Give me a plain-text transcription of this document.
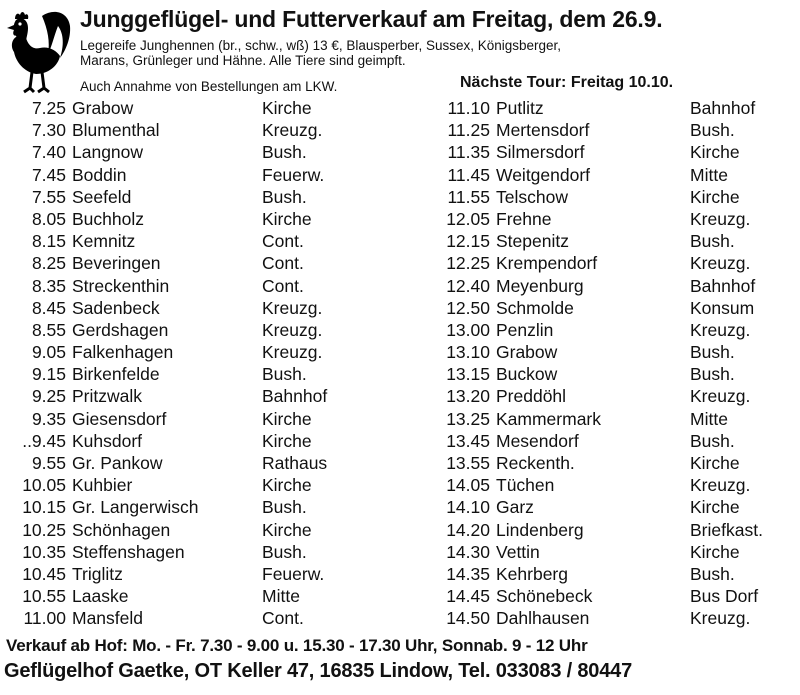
Junggeflügel- und Futterverkauf am Freitag, dem 26.9.
Legereife Junghennen (br., schw., wß) 13 €, Blausperber, Sussex, Königsberger,
Marans, Grünleger und Hähne. Alle Tiere sind geimpft.
Auch Annahme von Bestellungen am LKW.	Nächste Tour: Freitag 10.10.
7.25 Grabow	Kirche
7.30 Blumenthal	Kreuzg.
7.40 Langnow	Bush.
7.45 Boddin	Feuerw.
7.55 Seefeld	Bush.
8.05 Buchholz	Kirche
8.15 Kemnitz	Cont.
8.25 Beveringen	Cont.
8.35 Streckenthin	Cont.
8.45 Sadenbeck	Kreuzg.
8.55 Gerdshagen	Kreuzg.
9.05 Falkenhagen	Kreuzg.
9.15 Birkenfelde	Bush.
9.25 Pritzwalk	Bahnhof
9.35 Giesensdorf	Kirche
..9.45 Kuhsdorf	Kirche
9.55 Gr. Pankow	Rathaus
10.05 Kuhbier	Kirche
10.15 Gr. Langerwisch	Bush.
10.25 Schönhagen	Kirche
10.35 Steffenshagen	Bush.
10.45 Triglitz	Feuerw.
10.55 Laaske	Mitte
11.00 Mansfeld	Cont.
11.10 Putlitz	Bahnhof
11.25 Mertensdorf	Bush.
11.35 Silmersdorf	Kirche
11.45 Weitgendorf	Mitte
11.55 Telschow	Kirche
12.05 Frehne	Kreuzg.
12.15 Stepenitz	Bush.
12.25 Krempendorf	Kreuzg.
12.40 Meyenburg	Bahnhof
12.50 Schmolde	Konsum
13.00 Penzlin	Kreuzg.
13.10 Grabow	Bush.
13.15 Buckow	Bush.
13.20 Preddöhl	Kreuzg.
13.25 Kammermark	Mitte
13.45 Mesendorf	Bush.
13.55 Reckenth.	Kirche
14.05 Tüchen	Kreuzg.
14.10 Garz	Kirche
14.20 Lindenberg	Briefkast.
14.30 Vettin	Kirche
14.35 Kehrberg	Bush.
14.45 Schönebeck	Bus Dorf
14.50 Dahlhausen	Kreuzg.
Verkauf ab Hof: Mo. - Fr. 7.30 - 9.00 u. 15.30 - 17.30 Uhr, Sonnab. 9 - 12 Uhr
Geflügelhof Gaetke, OT Keller 47, 16835 Lindow, Tel. 033083 / 80447
